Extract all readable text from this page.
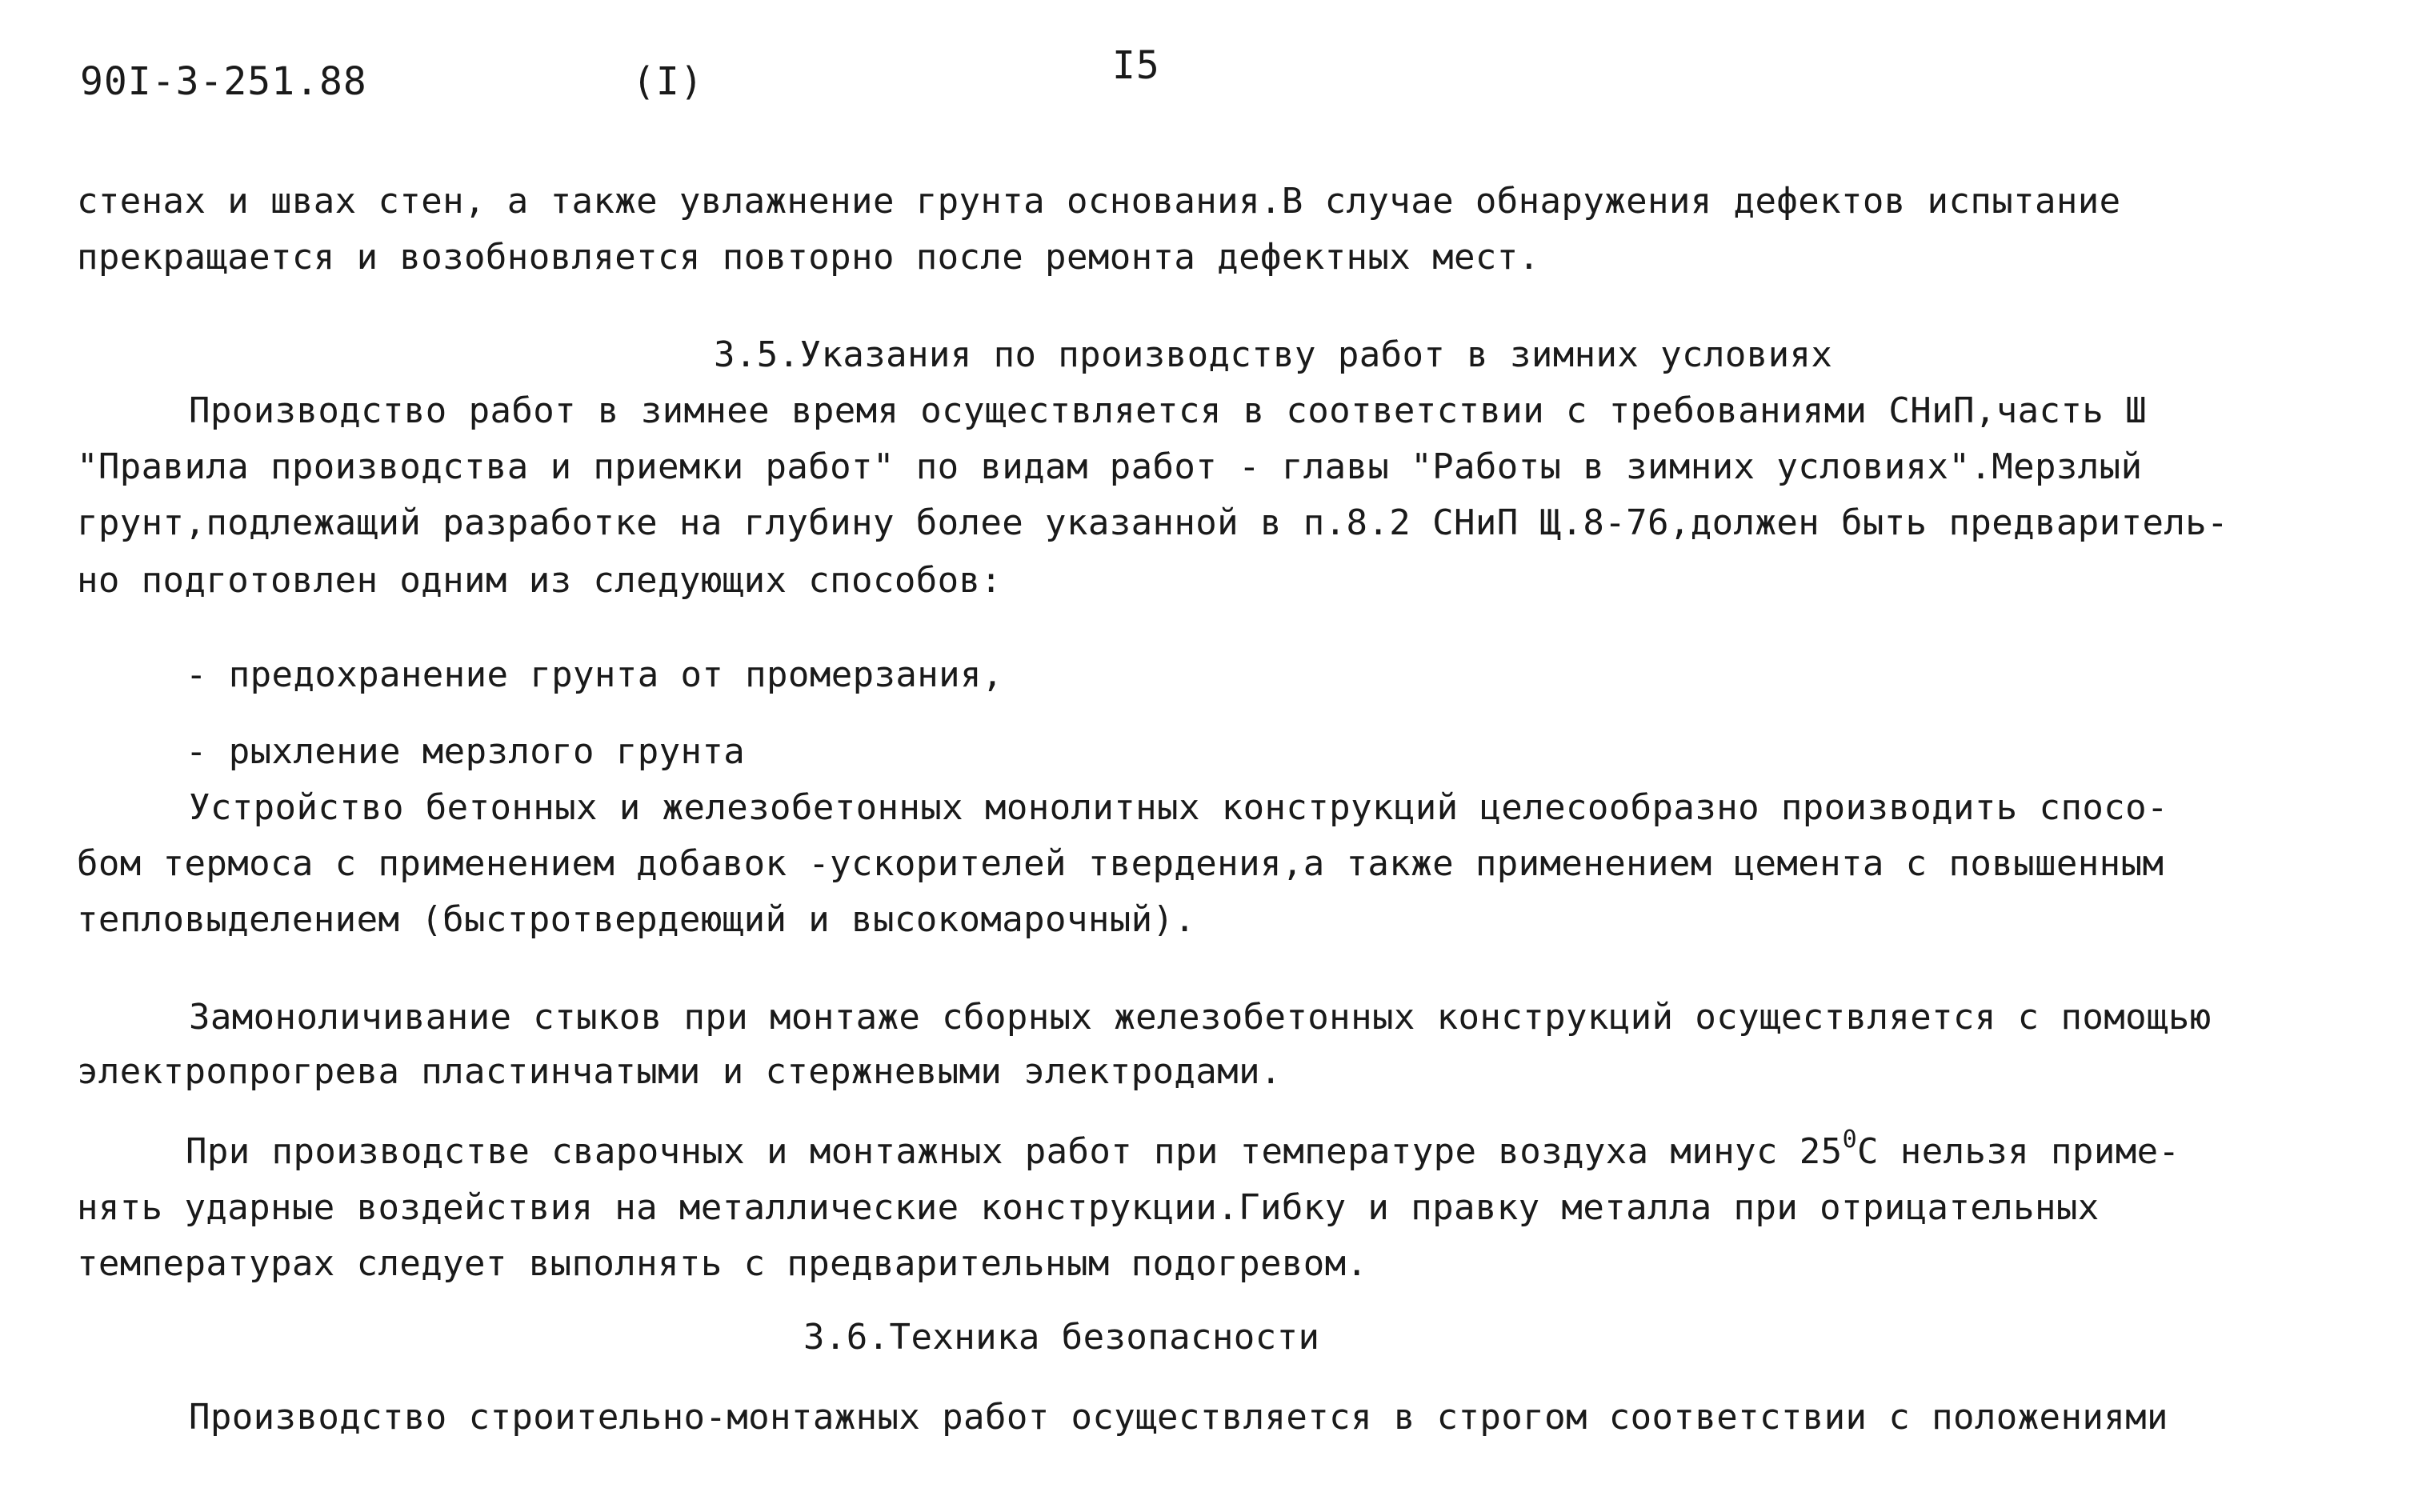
90I-3-251.88	(I)	I5
стенах и швах стен, а также увлажнение грунта основания.В случае обнаружения дефектов испытание
прекращается и возобновляется повторно после ремонта дефектных мест.
3.5.Указания по производству работ в зимних условиях
Производство работ в зимнее время осуществляется в соответствии с требованиями СНиП,часть Ш
"Правила производства и приемки работ" по видам работ - главы "Работы в зимних условиях".Мерзлый
грунт,подлежащий разработке на глубину более указанной в п.8.2 СНиП Щ.8-76,должен быть предваритель-
но подготовлен одним из следующих способов:
- предохранение грунта от промерзания,
- рыхление мерзлого грунта
Устройство бетонных и железобетонных монолитных конструкций целесообразно производить спосо-
бом термоса с применением добавок -ускорителей твердения,а также применением цемента с повышенным
тепловыделением (быстротвердеющий и высокомарочный).
Замоноличивание стыков при монтаже сборных железобетонных конструкций осуществляется с помощью
электропрогрева пластинчатыми и стержневыми электродами.
При производстве сварочных и монтажных работ при температуре воздуха минус $25^0С$ нельзя приме-
нять ударные воздействия на металлические конструкции.Гибку и правку металла при отрицательных
температурах следует выполнять с предварительным подогревом.
3.6.Техника безопасности
Производство строительно-монтажных работ осуществляется в строгом соответствии с положениями
